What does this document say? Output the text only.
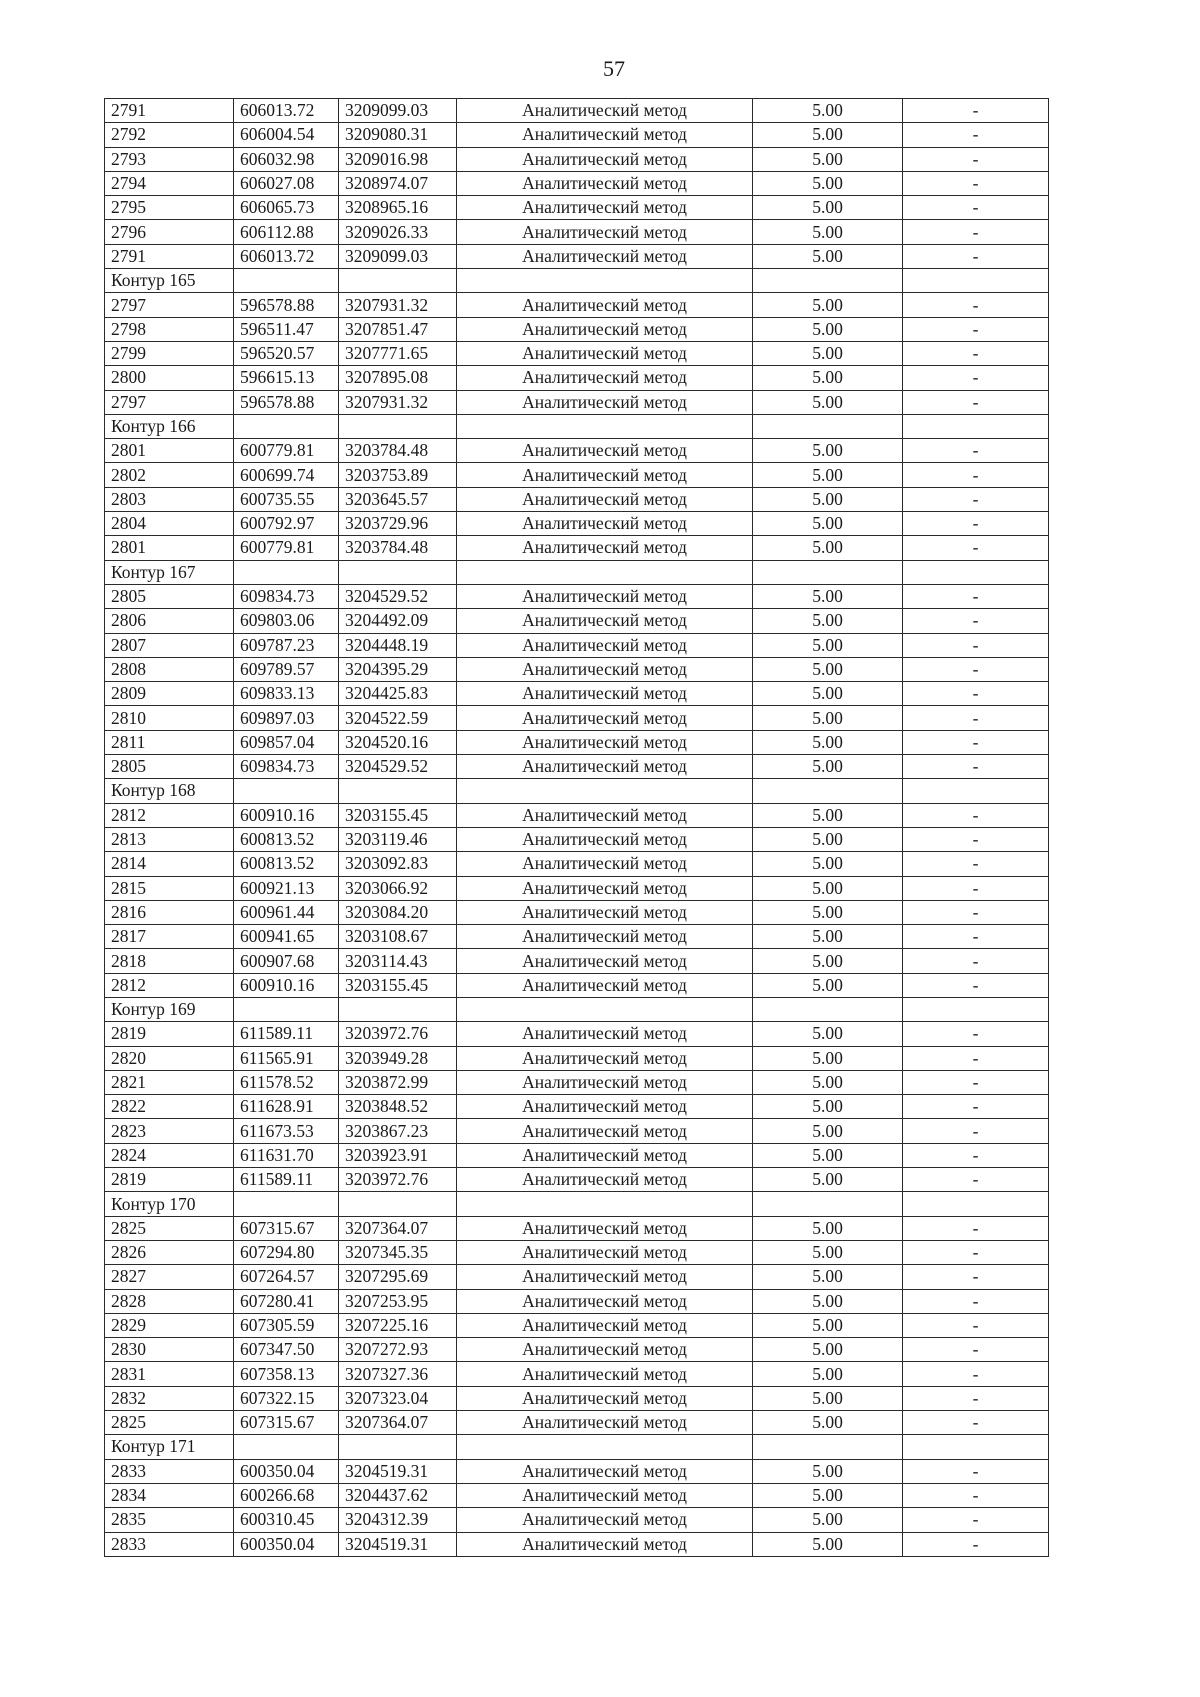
57
2791	606013.72	3209099.03	Аналитический метод	5.00	-
2792	606004.54	3209080.31	Аналитический метод	5.00	-
2793	606032.98	3209016.98	Аналитический метод	5.00	-
2794	606027.08	3208974.07	Аналитический метод	5.00	-
2795	606065.73	3208965.16	Аналитический метод	5.00	-
2796	606112.88	3209026.33	Аналитический метод	5.00	-
2791	606013.72	3209099.03	Аналитический метод	5.00	-
Контур 165					
2797	596578.88	3207931.32	Аналитический метод	5.00	-
2798	596511.47	3207851.47	Аналитический метод	5.00	-
2799	596520.57	3207771.65	Аналитический метод	5.00	-
2800	596615.13	3207895.08	Аналитический метод	5.00	-
2797	596578.88	3207931.32	Аналитический метод	5.00	-
Контур 166					
2801	600779.81	3203784.48	Аналитический метод	5.00	-
2802	600699.74	3203753.89	Аналитический метод	5.00	-
2803	600735.55	3203645.57	Аналитический метод	5.00	-
2804	600792.97	3203729.96	Аналитический метод	5.00	-
2801	600779.81	3203784.48	Аналитический метод	5.00	-
Контур 167					
2805	609834.73	3204529.52	Аналитический метод	5.00	-
2806	609803.06	3204492.09	Аналитический метод	5.00	-
2807	609787.23	3204448.19	Аналитический метод	5.00	-
2808	609789.57	3204395.29	Аналитический метод	5.00	-
2809	609833.13	3204425.83	Аналитический метод	5.00	-
2810	609897.03	3204522.59	Аналитический метод	5.00	-
2811	609857.04	3204520.16	Аналитический метод	5.00	-
2805	609834.73	3204529.52	Аналитический метод	5.00	-
Контур 168					
2812	600910.16	3203155.45	Аналитический метод	5.00	-
2813	600813.52	3203119.46	Аналитический метод	5.00	-
2814	600813.52	3203092.83	Аналитический метод	5.00	-
2815	600921.13	3203066.92	Аналитический метод	5.00	-
2816	600961.44	3203084.20	Аналитический метод	5.00	-
2817	600941.65	3203108.67	Аналитический метод	5.00	-
2818	600907.68	3203114.43	Аналитический метод	5.00	-
2812	600910.16	3203155.45	Аналитический метод	5.00	-
Контур 169					
2819	611589.11	3203972.76	Аналитический метод	5.00	-
2820	611565.91	3203949.28	Аналитический метод	5.00	-
2821	611578.52	3203872.99	Аналитический метод	5.00	-
2822	611628.91	3203848.52	Аналитический метод	5.00	-
2823	611673.53	3203867.23	Аналитический метод	5.00	-
2824	611631.70	3203923.91	Аналитический метод	5.00	-
2819	611589.11	3203972.76	Аналитический метод	5.00	-
Контур 170					
2825	607315.67	3207364.07	Аналитический метод	5.00	-
2826	607294.80	3207345.35	Аналитический метод	5.00	-
2827	607264.57	3207295.69	Аналитический метод	5.00	-
2828	607280.41	3207253.95	Аналитический метод	5.00	-
2829	607305.59	3207225.16	Аналитический метод	5.00	-
2830	607347.50	3207272.93	Аналитический метод	5.00	-
2831	607358.13	3207327.36	Аналитический метод	5.00	-
2832	607322.15	3207323.04	Аналитический метод	5.00	-
2825	607315.67	3207364.07	Аналитический метод	5.00	-
Контур 171					
2833	600350.04	3204519.31	Аналитический метод	5.00	-
2834	600266.68	3204437.62	Аналитический метод	5.00	-
2835	600310.45	3204312.39	Аналитический метод	5.00	-
2833	600350.04	3204519.31	Аналитический метод	5.00	-
